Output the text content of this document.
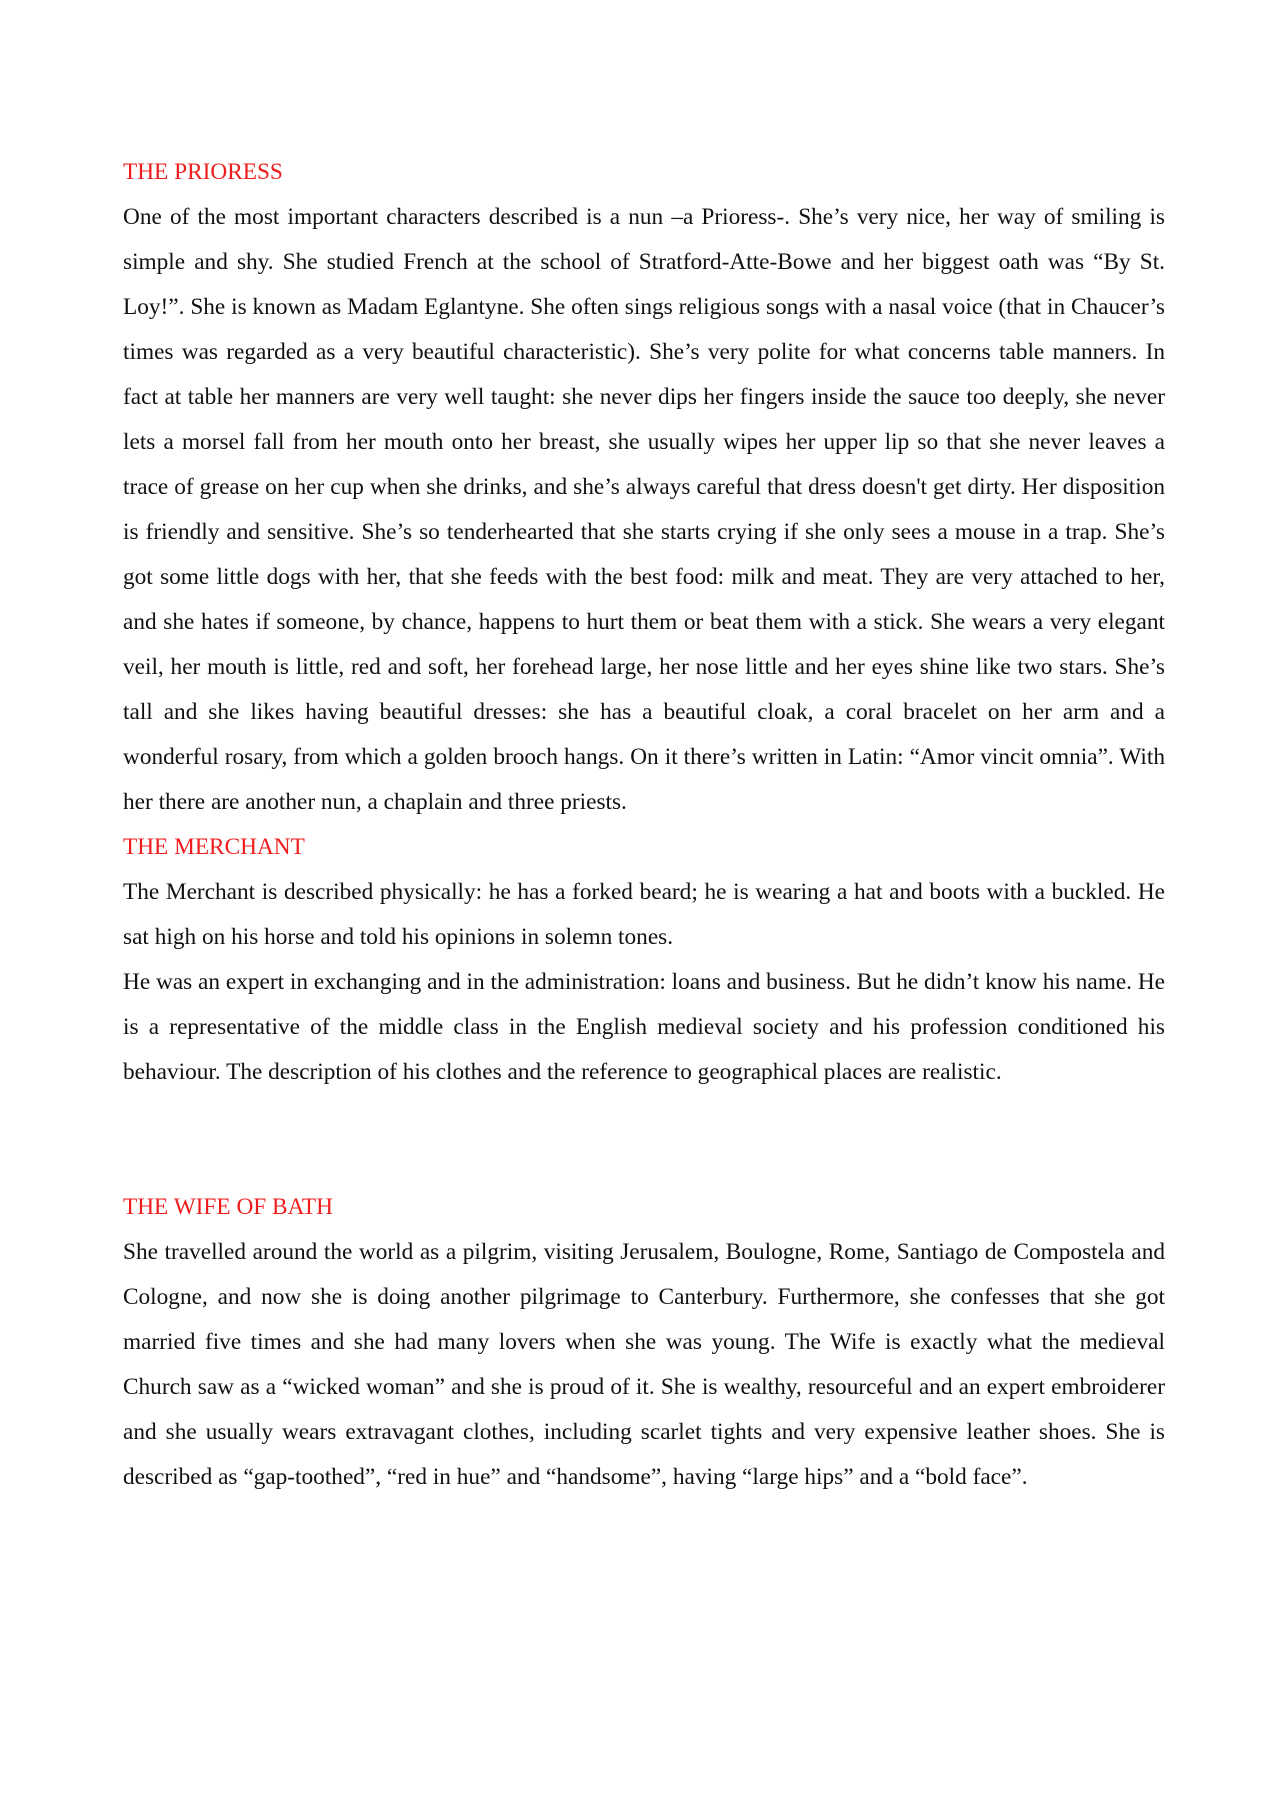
THE PRIORESS

One of the most important characters described is a nun –a Prioress-. She’s very nice, her way of smiling is simple and shy. She studied French at the school of Stratford-Atte-Bowe and her biggest oath was “By St. Loy!”. She is known as Madam Eglantyne. She often sings religious songs with a nasal voice (that in Chaucer’s times was regarded as a very beautiful characteristic). She’s very polite for what concerns table manners. In fact at table her manners are very well taught: she never dips her fingers inside the sauce too deeply, she never lets a morsel fall from her mouth onto her breast, she usually wipes her upper lip so that she never leaves a trace of grease on her cup when she drinks, and she’s always careful that dress doesn't get dirty. Her disposition is friendly and sensitive. She’s so tenderhearted that she starts crying if she only sees a mouse in a trap. She’s got some little dogs with her, that she feeds with the best food: milk and meat. They are very attached to her, and she hates if someone, by chance, happens to hurt them or beat them with a stick. She wears a very elegant veil, her mouth is little, red and soft, her forehead large, her nose little and her eyes shine like two stars. She’s tall and she likes having beautiful dresses: she has a beautiful cloak, a coral bracelet on her arm and a wonderful rosary, from which a golden brooch hangs. On it there’s written in Latin: “Amor vincit omnia”. With her there are another nun, a chaplain and three priests.

THE MERCHANT

The Merchant is described physically: he has a forked beard; he is wearing a hat and boots with a buckled. He sat high on his horse and told his opinions in solemn tones.

He was an expert in exchanging and in the administration: loans and business. But he didn’t know his name. He is a representative of the middle class in the English medieval society and his profession conditioned his behaviour. The description of his clothes and the reference to geographical places are realistic.

THE WIFE OF BATH

She travelled around the world as a pilgrim, visiting Jerusalem, Boulogne, Rome, Santiago de Compostela and Cologne, and now she is doing another pilgrimage to Canterbury. Furthermore, she confesses that she got married five times and she had many lovers when she was young. The Wife is exactly what the medieval Church saw as a “wicked woman” and she is proud of it. She is wealthy, resourceful and an expert embroiderer and she usually wears extravagant clothes, including scarlet tights and very expensive leather shoes. She is described as “gap-toothed”, “red in hue” and “handsome”, having “large hips” and a “bold face”.
